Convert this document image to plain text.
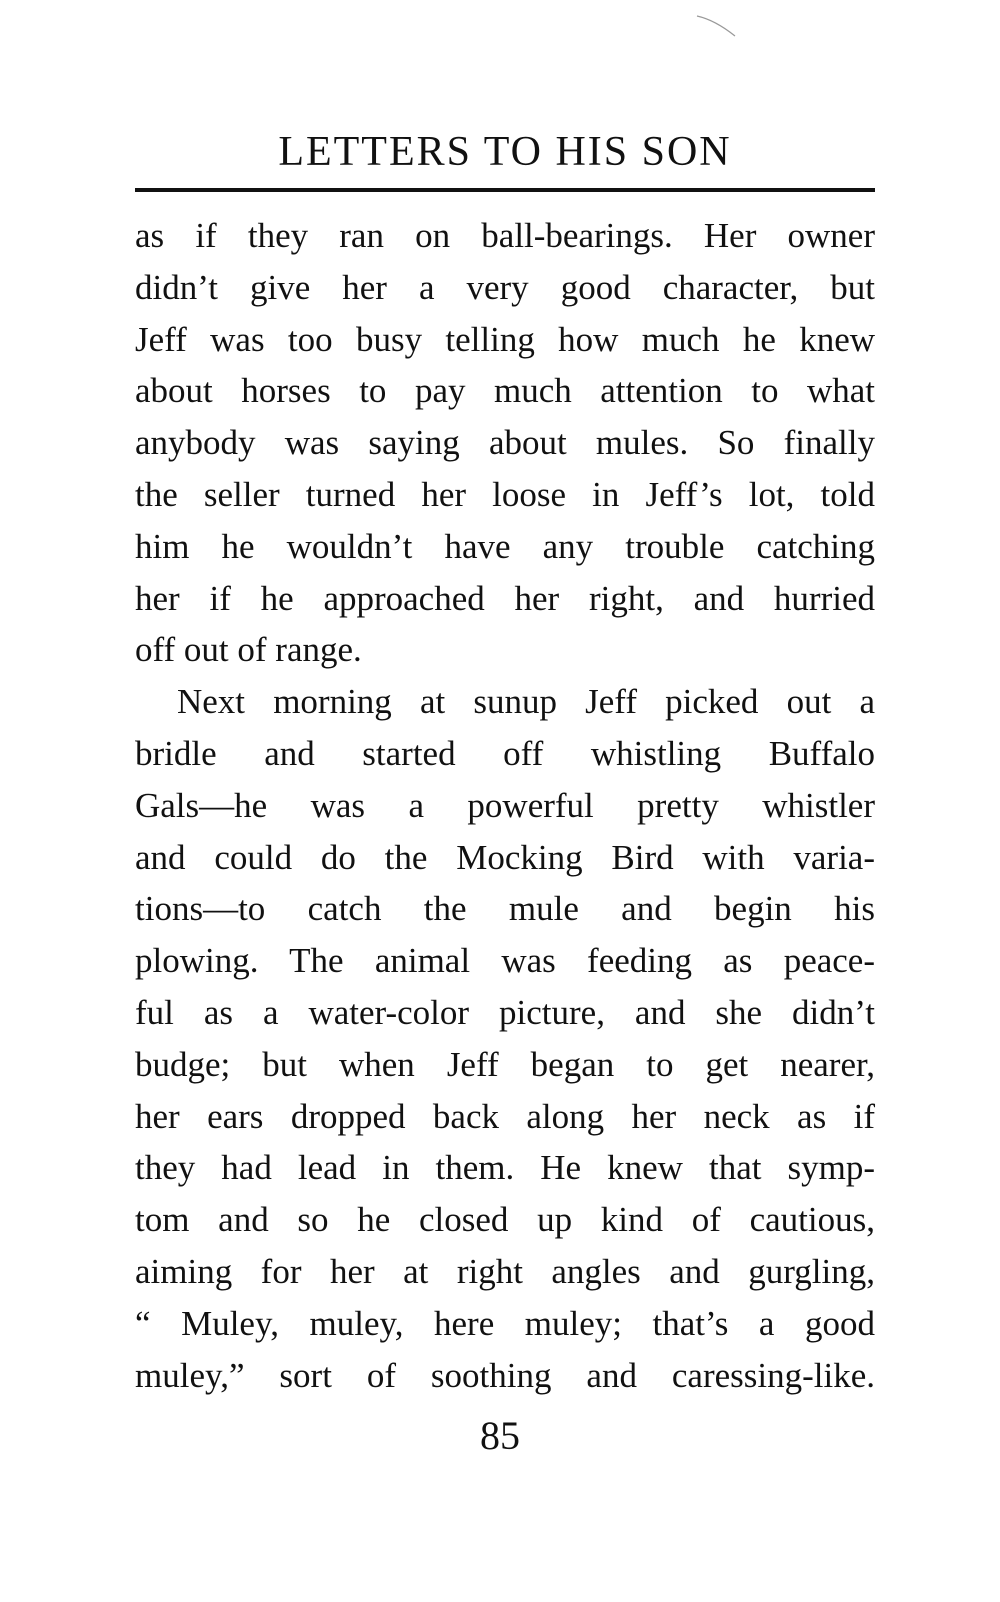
LETTERS TO HIS SON
as if they ran on ball-bearings. Her owner
didn’t give her a very good character, but
Jeff was too busy telling how much he knew
about horses to pay much attention to what
anybody was saying about mules. So finally
the seller turned her loose in Jeff’s lot, told
him he wouldn’t have any trouble catching
her if he approached her right, and hurried
off out of range.
Next morning at sunup Jeff picked out a
bridle and started off whistling Buffalo
Gals—he was a powerful pretty whistler
and could do the Mocking Bird with varia-
tions—to catch the mule and begin his
plowing. The animal was feeding as peace-
ful as a water-color picture, and she didn’t
budge; but when Jeff began to get nearer,
her ears dropped back along her neck as if
they had lead in them. He knew that symp-
tom and so he closed up kind of cautious,
aiming for her at right angles and gurgling,
“ Muley, muley, here muley; that’s a good
muley,” sort of soothing and caressing-like.
85
